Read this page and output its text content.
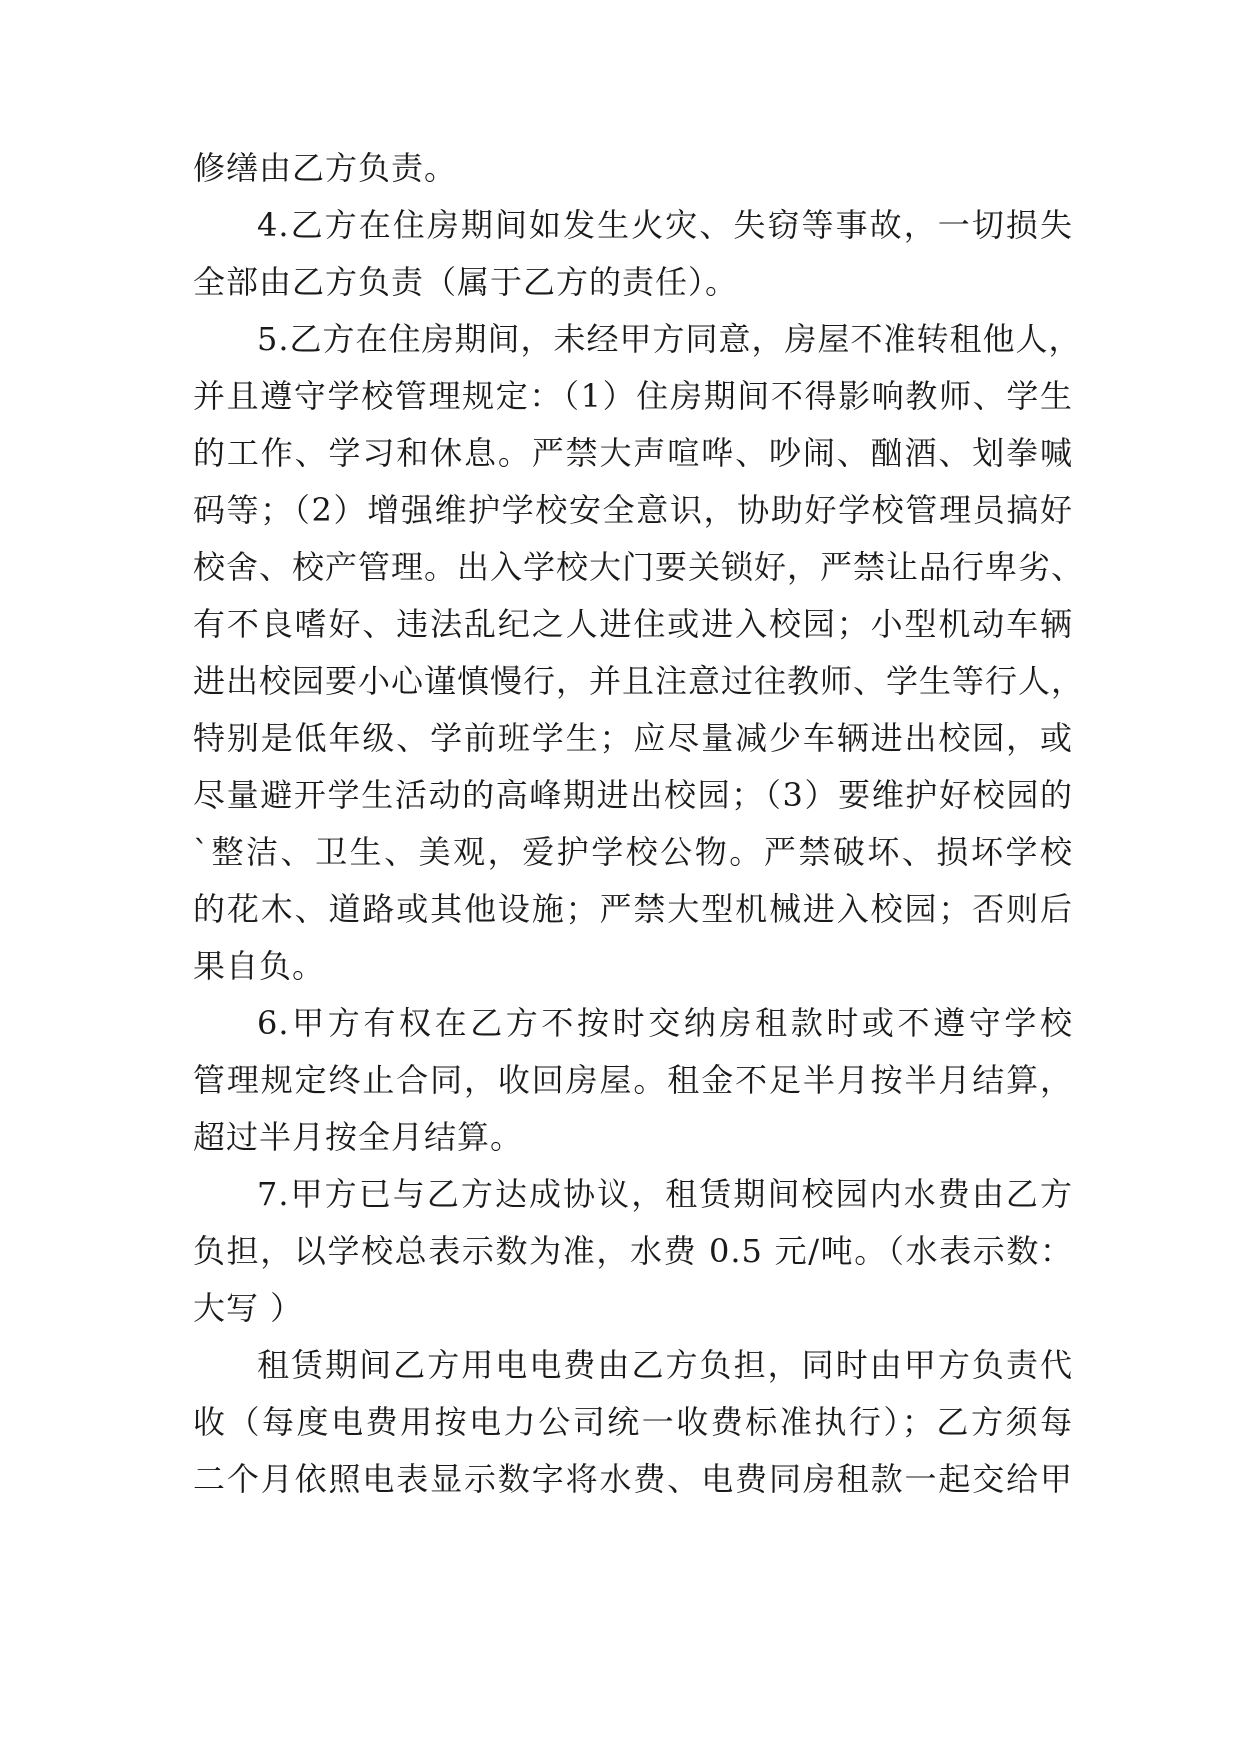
修缮由乙方负责。
4.乙方在住房期间如发生火灾、失窃等事故，一切损失
全部由乙方负责（属于乙方的责任）。
5.乙方在住房期间，未经甲方同意，房屋不准转租他人，
并且遵守学校管理规定：（1）住房期间不得影响教师、学生
的工作、学习和休息。严禁大声喧哗、吵闹、酗酒、划拳喊
码等；（2）增强维护学校安全意识，协助好学校管理员搞好
校舍、校产管理。出入学校大门要关锁好，严禁让品行卑劣、
有不良嗜好、违法乱纪之人进住或进入校园；小型机动车辆
进出校园要小心谨慎慢行，并且注意过往教师、学生等行人，
特别是低年级、学前班学生；应尽量减少车辆进出校园，或
尽量避开学生活动的高峰期进出校园；（3）要维护好校园的
`整洁、卫生、美观，爱护学校公物。严禁破坏、损坏学校
的花木、道路或其他设施；严禁大型机械进入校园；否则后
果自负。
6.甲方有权在乙方不按时交纳房租款时或不遵守学校
管理规定终止合同，收回房屋。租金不足半月按半月结算，
超过半月按全月结算。
7.甲方已与乙方达成协议，租赁期间校园内水费由乙方
负担，以学校总表示数为准，水费 0.5 元/吨。（水表示数：
大写 ）
租赁期间乙方用电电费由乙方负担，同时由甲方负责代
收（每度电费用按电力公司统一收费标准执行）；乙方须每
二个月依照电表显示数字将水费、电费同房租款一起交给甲
